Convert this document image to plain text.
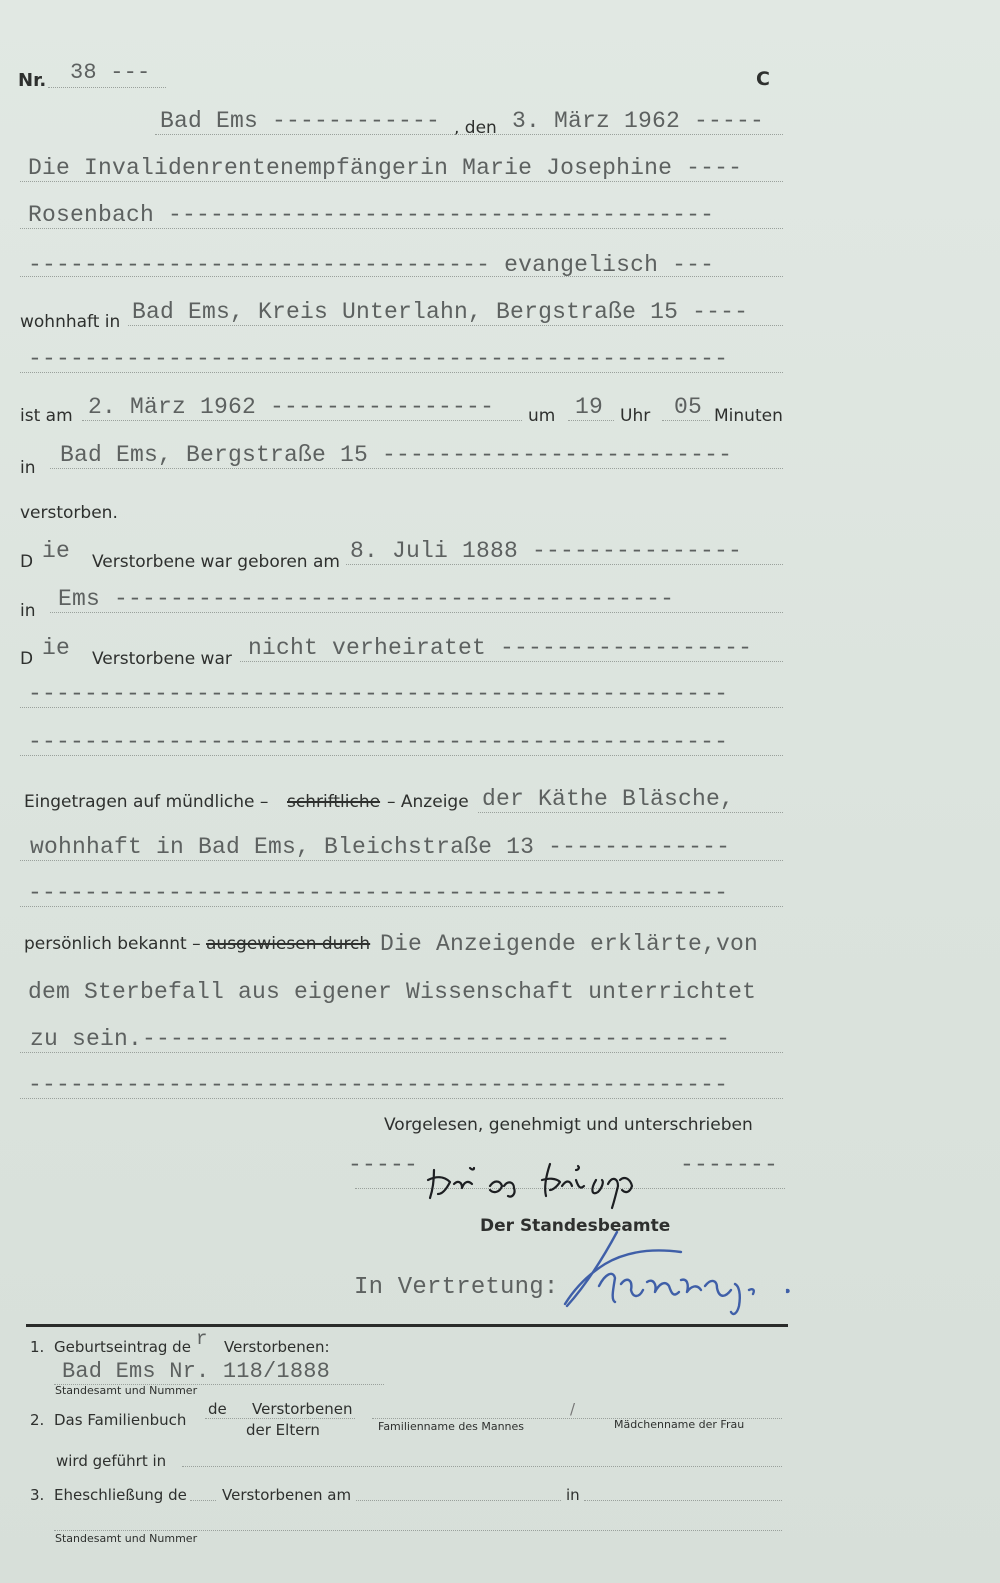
Nr. 38 ---	C
Bad Ems ------------ , den 3. März 1962 -----
Die Invalidenrentenempfängerin Marie Josephine ----
Rosenbach ---------------------------------------
--------------------------------- evangelisch ---
wohnhaft in Bad Ems, Kreis Unterlahn, Bergstraße 15 ----
--------------------------------------------------
ist am 2. März 1962 ---------------- um 19 Uhr 05 Minuten
in Bad Ems, Bergstraße 15 -------------------------
verstorben.
D ie Verstorbene war geboren am 8. Juli 1888 ---------------
in Ems ----------------------------------------
D ie Verstorbene war nicht verheiratet ------------------
--------------------------------------------------
--------------------------------------------------
Eingetragen auf mündliche – schriftliche – Anzeige der Käthe Bläsche,
wohnhaft in Bad Ems, Bleichstraße 13 -------------
--------------------------------------------------
persönlich bekannt – ausgewiesen durch Die Anzeigende erklärte,von
dem Sterbefall aus eigener Wissenschaft unterrichtet
zu sein.------------------------------------------
--------------------------------------------------
Vorgelesen, genehmigt und unterschrieben
-----	-------
Der Standesbeamte
In Vertretung:
1. Geburtseintrag de r Verstorbenen:
Bad Ems Nr. 118/1888
Standesamt und Nummer
2. Das Familienbuch
de Verstorbenen
der Eltern
/
Familienname des Mannes	Mädchenname der Frau
wird geführt in
3. Eheschließung de Verstorbenen am	in
Standesamt und Nummer
